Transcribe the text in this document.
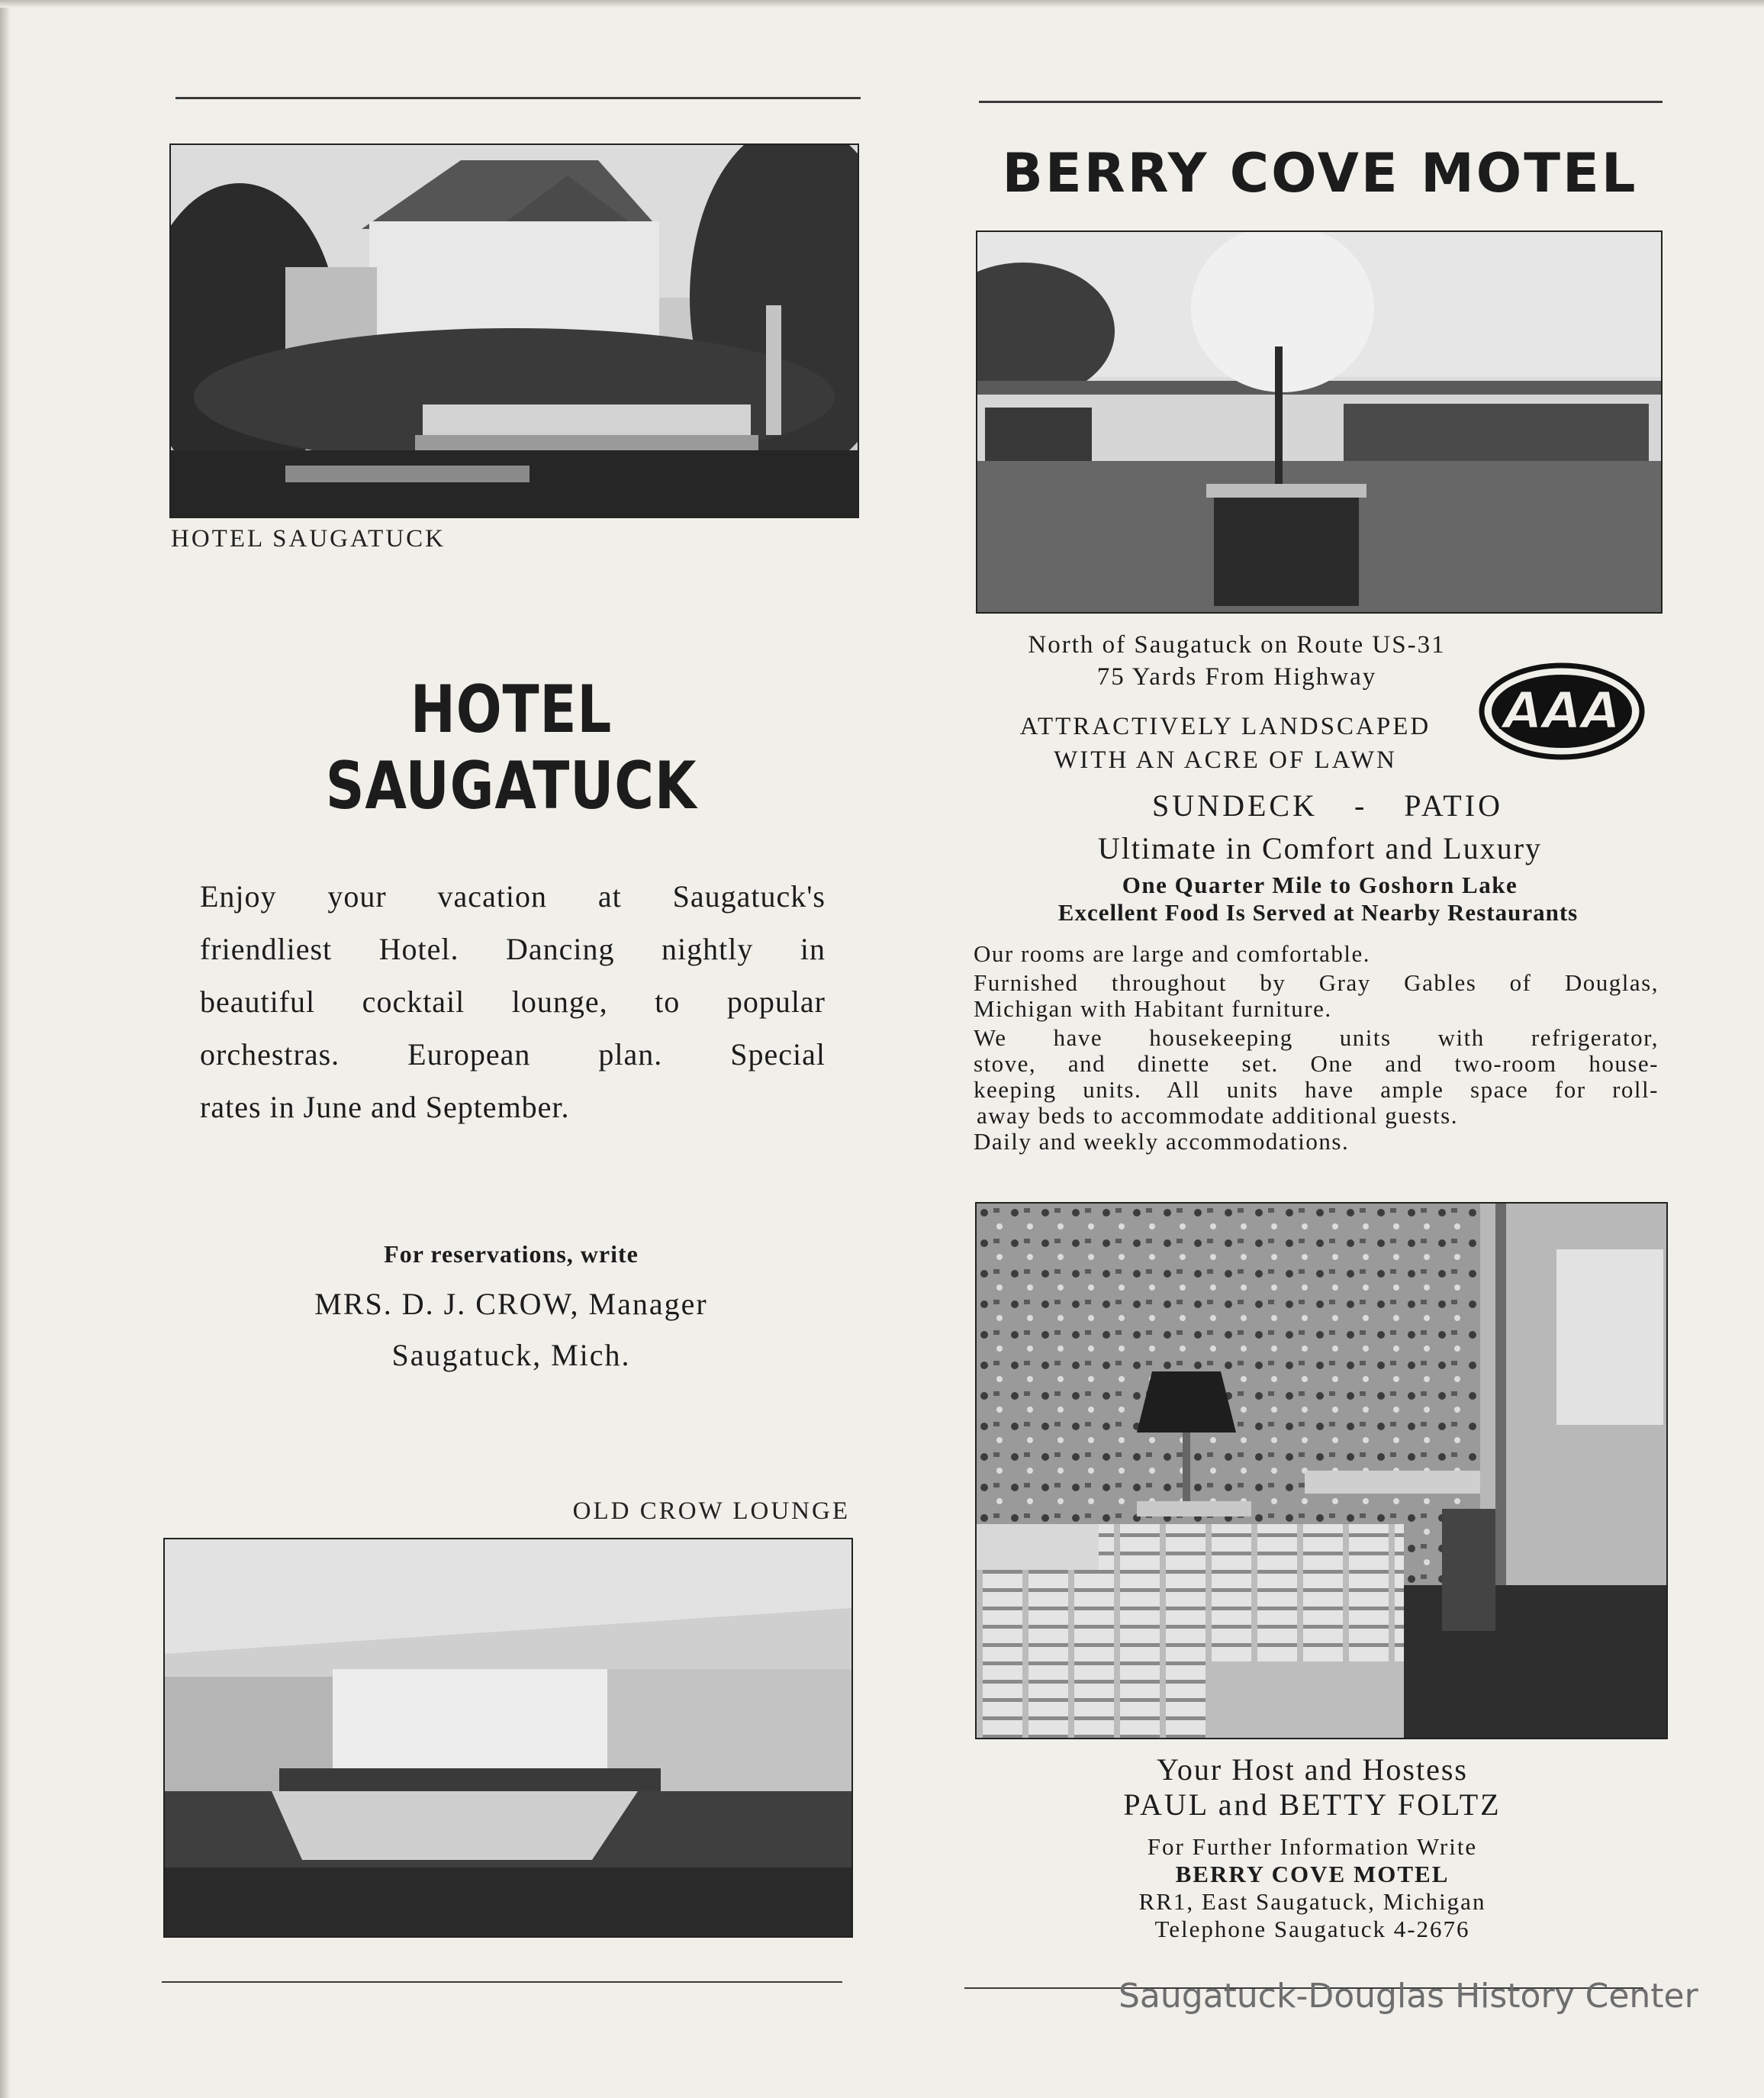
HOTEL SAUGATUCK
HOTEL SAUGATUCK
Enjoy your vacation at Saugatuck's
friendliest Hotel. Dancing nightly in
beautiful cocktail lounge, to popular
orchestras. European plan. Special
rates in June and September.
For reservations, write
MRS. D. J. CROW, Manager
Saugatuck, Mich.
OLD CROW LOUNGE
BERRY COVE MOTEL
North of Saugatuck on Route US-31
75 Yards From Highway
AAA
ATTRACTIVELY LANDSCAPED
WITH AN ACRE OF LAWN
SUNDECK - PATIO
Ultimate in Comfort and Luxury
One Quarter Mile to Goshorn Lake
Excellent Food Is Served at Nearby Restaurants
Our rooms are large and comfortable.
Furnished throughout by Gray Gables of Douglas,
Michigan with Habitant furniture.
We have housekeeping units with refrigerator,
stove, and dinette set. One and two-room house-
keeping units. All units have ample space for roll-
away beds to accommodate additional guests.
Daily and weekly accommodations.
Your Host and Hostess
PAUL and BETTY FOLTZ
For Further Information Write
BERRY COVE MOTEL
RR1, East Saugatuck, Michigan
Telephone Saugatuck 4-2676
Saugatuck-Douglas History Center
